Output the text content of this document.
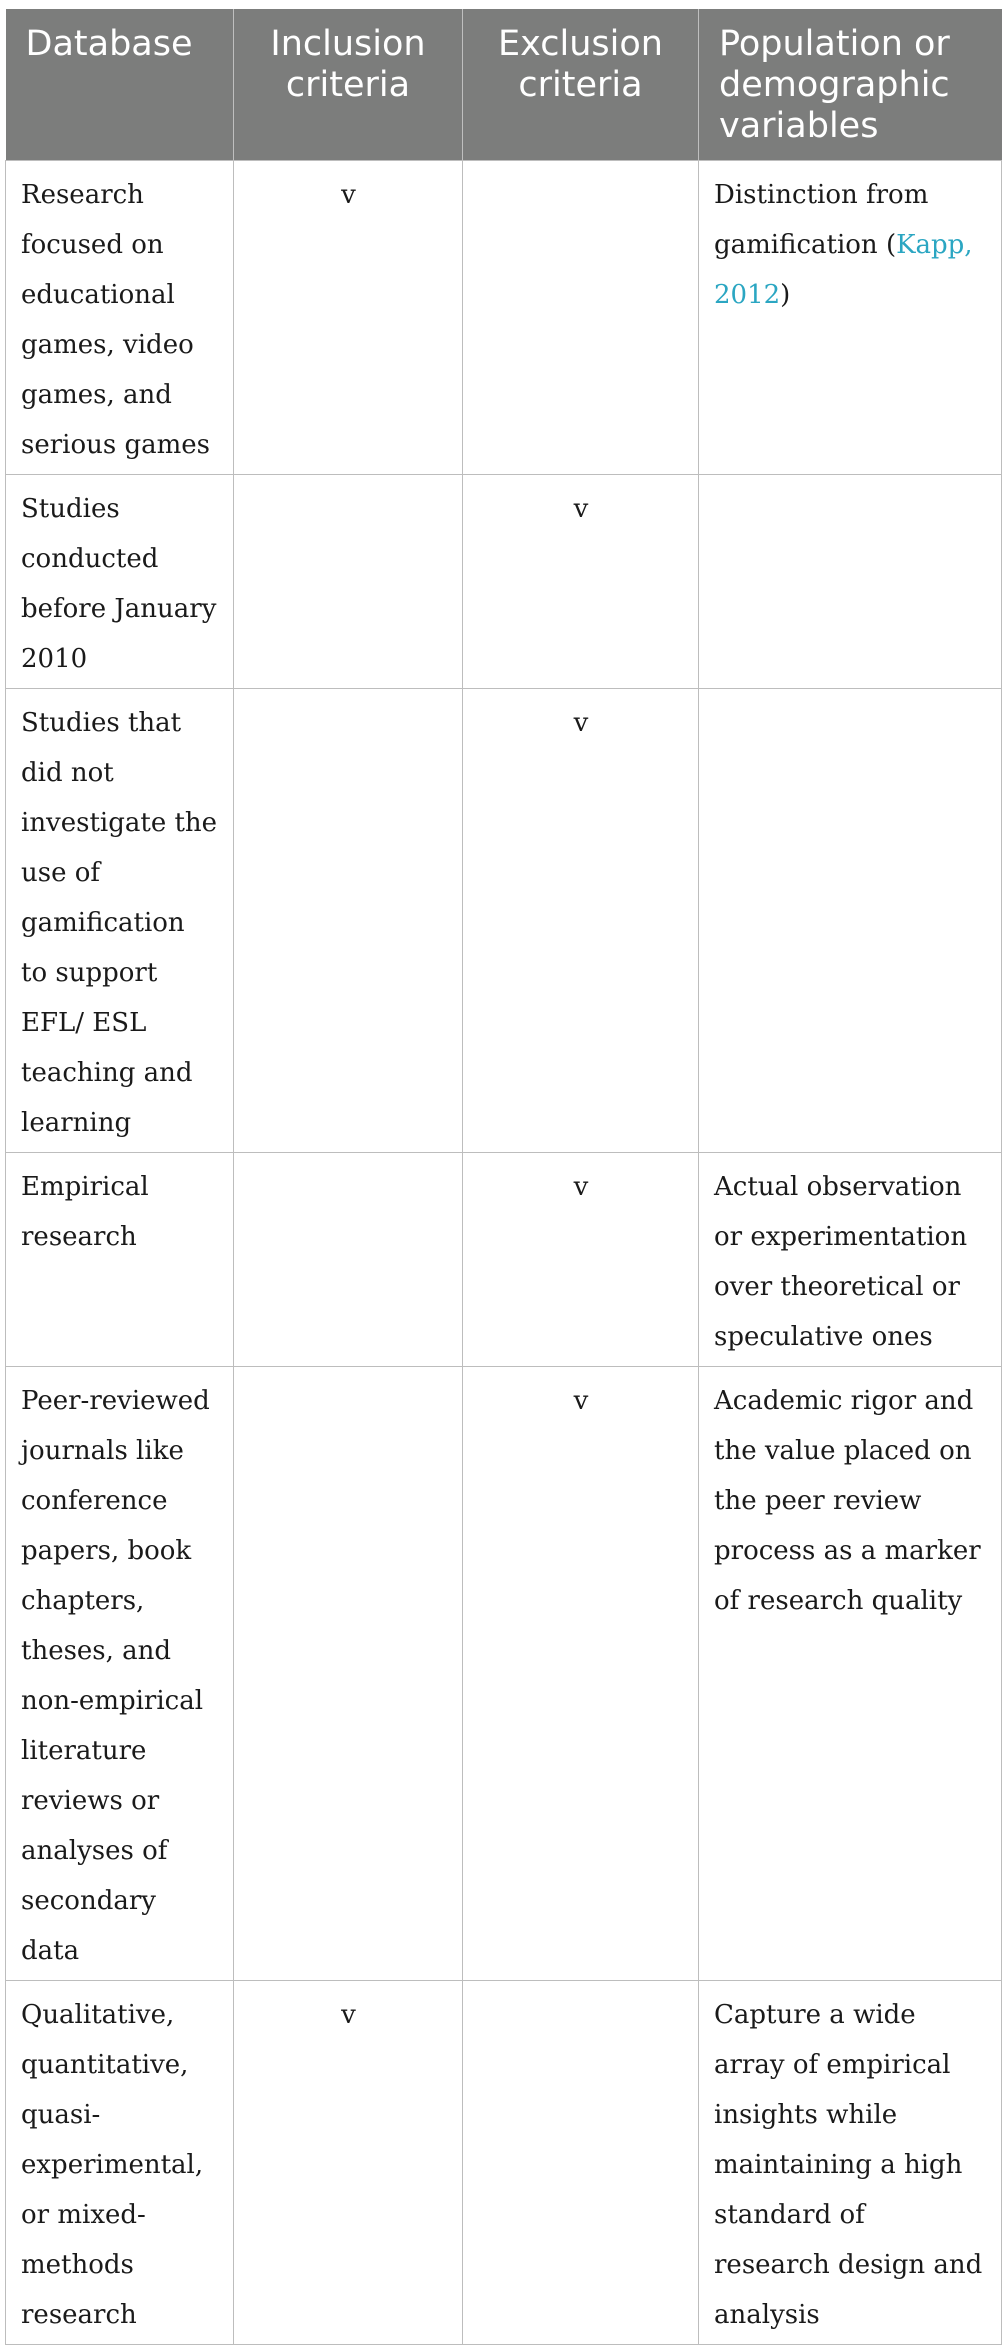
Database	Inclusion criteria	Exclusion criteria	Population or demographic variables
Research focused on educational games, video games, and serious games	v		Distinction from gamification (Kapp, 2012)
Studies conducted before January 2010		v	
Studies that did not investigate the use of gamification to support EFL/ ESL teaching and learning		v	
Empirical research		v	Actual observation or experimentation over theoretical or speculative ones
Peer-reviewed journals like conference papers, book chapters, theses, and non-empirical literature reviews or analyses of secondary data		v	Academic rigor and the value placed on the peer review process as a marker of research quality
Qualitative, quantitative, quasi-experimental, or mixed-methods research	v		Capture a wide array of empirical insights while maintaining a high standard of research design and analysis
